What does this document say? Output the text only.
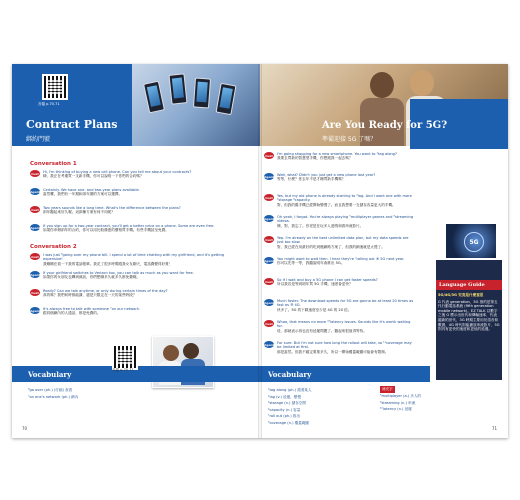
音檔 p.70-71
Contract Plans
綁約門號
Conversation 1
Cust	Hi, I'm thinking of buying a new cell phone. Can you tell me about your contracts?
嗨，我正在考慮買一支新手機，你可以說明一下你們的合約嗎？
Agent Certainly. We have one- and two-year plans available.
當然囉，我們有一年期和兩年期的方案可以選擇。
Cust	Two years sounds like a long time. What's the difference between the plans?
兩年聽起來好久喔。這兩種方案有何不同呢？
Agent If you sign up for a two-year contract, you'll get a better price on a phone. Some are even free.
如果你申辦兩年的合約，你可以用比較優惠的價格買手機。有些手機甚至免費。
Conversation 2
Cust	I was just ⁶going over my phone bill. I spend a lot of time chatting with my girlfriend, and it's getting expensive!
我剛剛在看一下我的電話帳單。我花了很多時間跟我女友聊天，電話費變得好貴！
Agent If your girlfriend switches to Verizon too, you can talk as much as you want for free.
如果你的女朋友也轉到威訊，你們想聊多久就多久都免費喔。
Cust	Really? Can we talk anytime, or only during certain times of the day?
真的嗎？我們何時都能講，還是只限定在一天的某些時段？
Agent It's always free to talk with someone ⁷on our network.
跟同個網內的人通話，都是免費的。
Vocabulary	音檔 p.70-71
⁶go over (ph.) (仔細) 查看
⁷on one's network (ph.) 網內
70
Are You Ready for 5G?
準備迎接 5G 了嗎？
Cust	I'm going shopping for a new smartphone. You want to ¹tag along?
我要去買新的智慧型手機，你想跟我一起去嗎？
Agent Wait, what? Didn't you just get a new phone last year?
等等，什麼？你去年不是才剛買新手機嗎？
Cust	Yes, but my old phone is already starting to ²lag. And I want one with more ³storage ⁴capacity.
對，但我的舊手機已經開始變慢了。而且我想要一支儲存容量更大的手機。
Agent Oh yeah, I forgot. You're always playing ⁵multiplayer games and ⁶streaming videos.
噢，對，我忘了。你老是在玩多人遊戲和看串流影片。
Cust	Yep. I'm already on the best unlimited data plan, but my data speeds are just too slow.
對，我已經在用最好的吃到飽網路方案了，但我的網速就是太慢了。
Agent You might want to wait then. I hear they're ⁷rolling out ⑧ 5G next year.
你可以先等一等，我聽說明年會推出 5G。
Cust	So if I wait and buy a 5G phone I can get faster speeds?
所以我若是等到明年買 5G 手機，速度會更快？
Agent Much faster. The download speeds for 5G are gonna be at least 20 times as fast as ⑨ 4G.
快多了。5G 的下載速度至少是 4G 的 20 倍。
Cust	Whoa, that means no more ¹⁰latency issues. Sounds like it's worth waiting for.
哇，那就表示再也沒有延遲問題了。聽起來很值得等待。
Agent For sure. But I'm not sure how long the rollout will take, so ¹¹coverage may be limited at first.
那是當然。但我不確定要推多久，所以一開始覆蓋範圍可能會有限制。
5G
Language Guide
5G/4G/3G 究竟是什麼意思
G 代表 generation，5G 指的是第五代行動電話系統 (fifth generation mobile network)。EZ TALK 以數字之後 G 標示出世代和傳輸速率，代表越新的世代，3G 時期主要用於語音和數據，4G 時代則能播放串流影片，5G 則具有更快的速度和更低的延遲。
Vocabulary
¹tag along (ph.) 跟著某人
²lag (v.) 延遲，變慢
³storage (n.) 儲存空間
⁴capacity (n.) 容量
⁵roll out (ph.) 推出
⁶coverage (n.) 覆蓋範圍
補充字
⁵multiplayer (a.) 多人的
⁶streaming (n.) 串流
¹⁰latency (n.) 延遲
71
